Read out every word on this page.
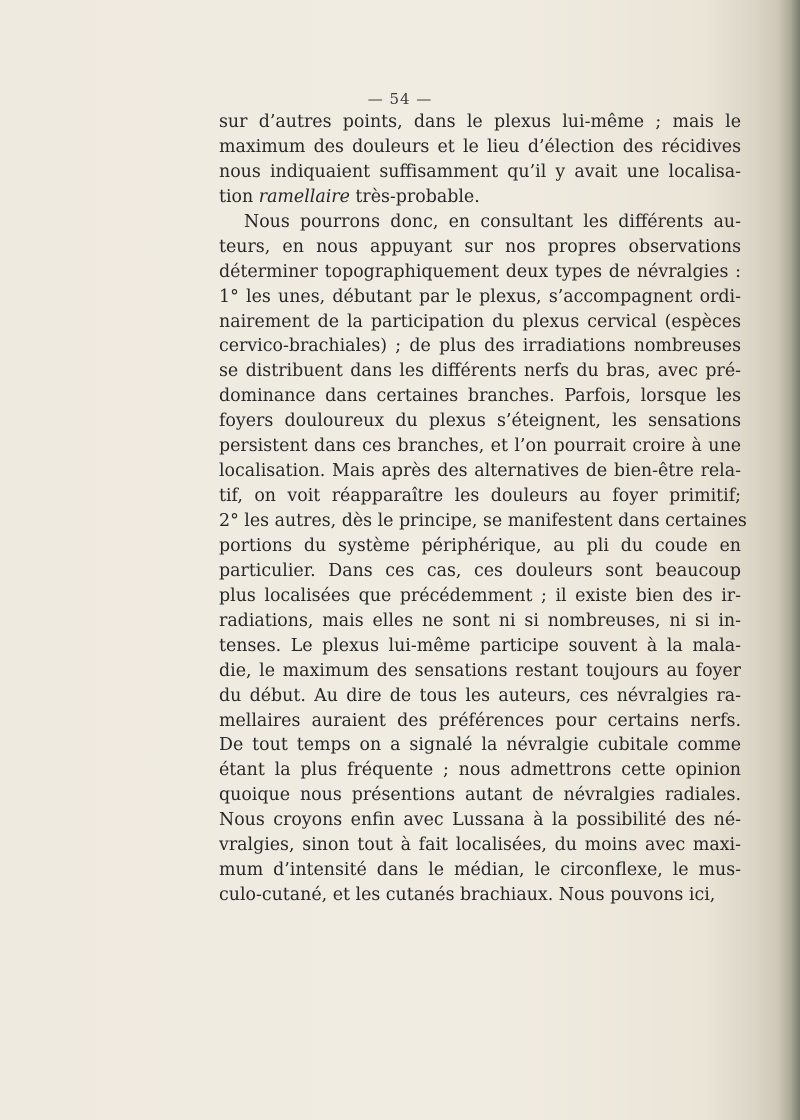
— 54 —
sur d’autres points, dans le plexus lui-même ; mais le
maximum des douleurs et le lieu d’élection des récidives
nous indiquaient suffisamment qu’il y avait une localisa-
tion ramellaire très-probable.
Nous pourrons donc, en consultant les différents au-
teurs, en nous appuyant sur nos propres observations
déterminer topographiquement deux types de névralgies :
1° les unes, débutant par le plexus, s’accompagnent ordi-
nairement de la participation du plexus cervical (espèces
cervico-brachiales) ; de plus des irradiations nombreuses
se distribuent dans les différents nerfs du bras, avec pré-
dominance dans certaines branches. Parfois, lorsque les
foyers douloureux du plexus s’éteignent, les sensations
persistent dans ces branches, et l’on pourrait croire à une
localisation. Mais après des alternatives de bien-être rela-
tif, on voit réapparaître les douleurs au foyer primitif;
2° les autres, dès le principe, se manifestent dans certaines
portions du système périphérique, au pli du coude en
particulier. Dans ces cas, ces douleurs sont beaucoup
plus localisées que précédemment ; il existe bien des ir-
radiations, mais elles ne sont ni si nombreuses, ni si in-
tenses. Le plexus lui-même participe souvent à la mala-
die, le maximum des sensations restant toujours au foyer
du début. Au dire de tous les auteurs, ces névralgies ra-
mellaires auraient des préférences pour certains nerfs.
De tout temps on a signalé la névralgie cubitale comme
étant la plus fréquente ; nous admettrons cette opinion
quoique nous présentions autant de névralgies radiales.
Nous croyons enfin avec Lussana à la possibilité des né-
vralgies, sinon tout à fait localisées, du moins avec maxi-
mum d’intensité dans le médian, le circonflexe, le mus-
culo-cutané, et les cutanés brachiaux. Nous pouvons ici,
